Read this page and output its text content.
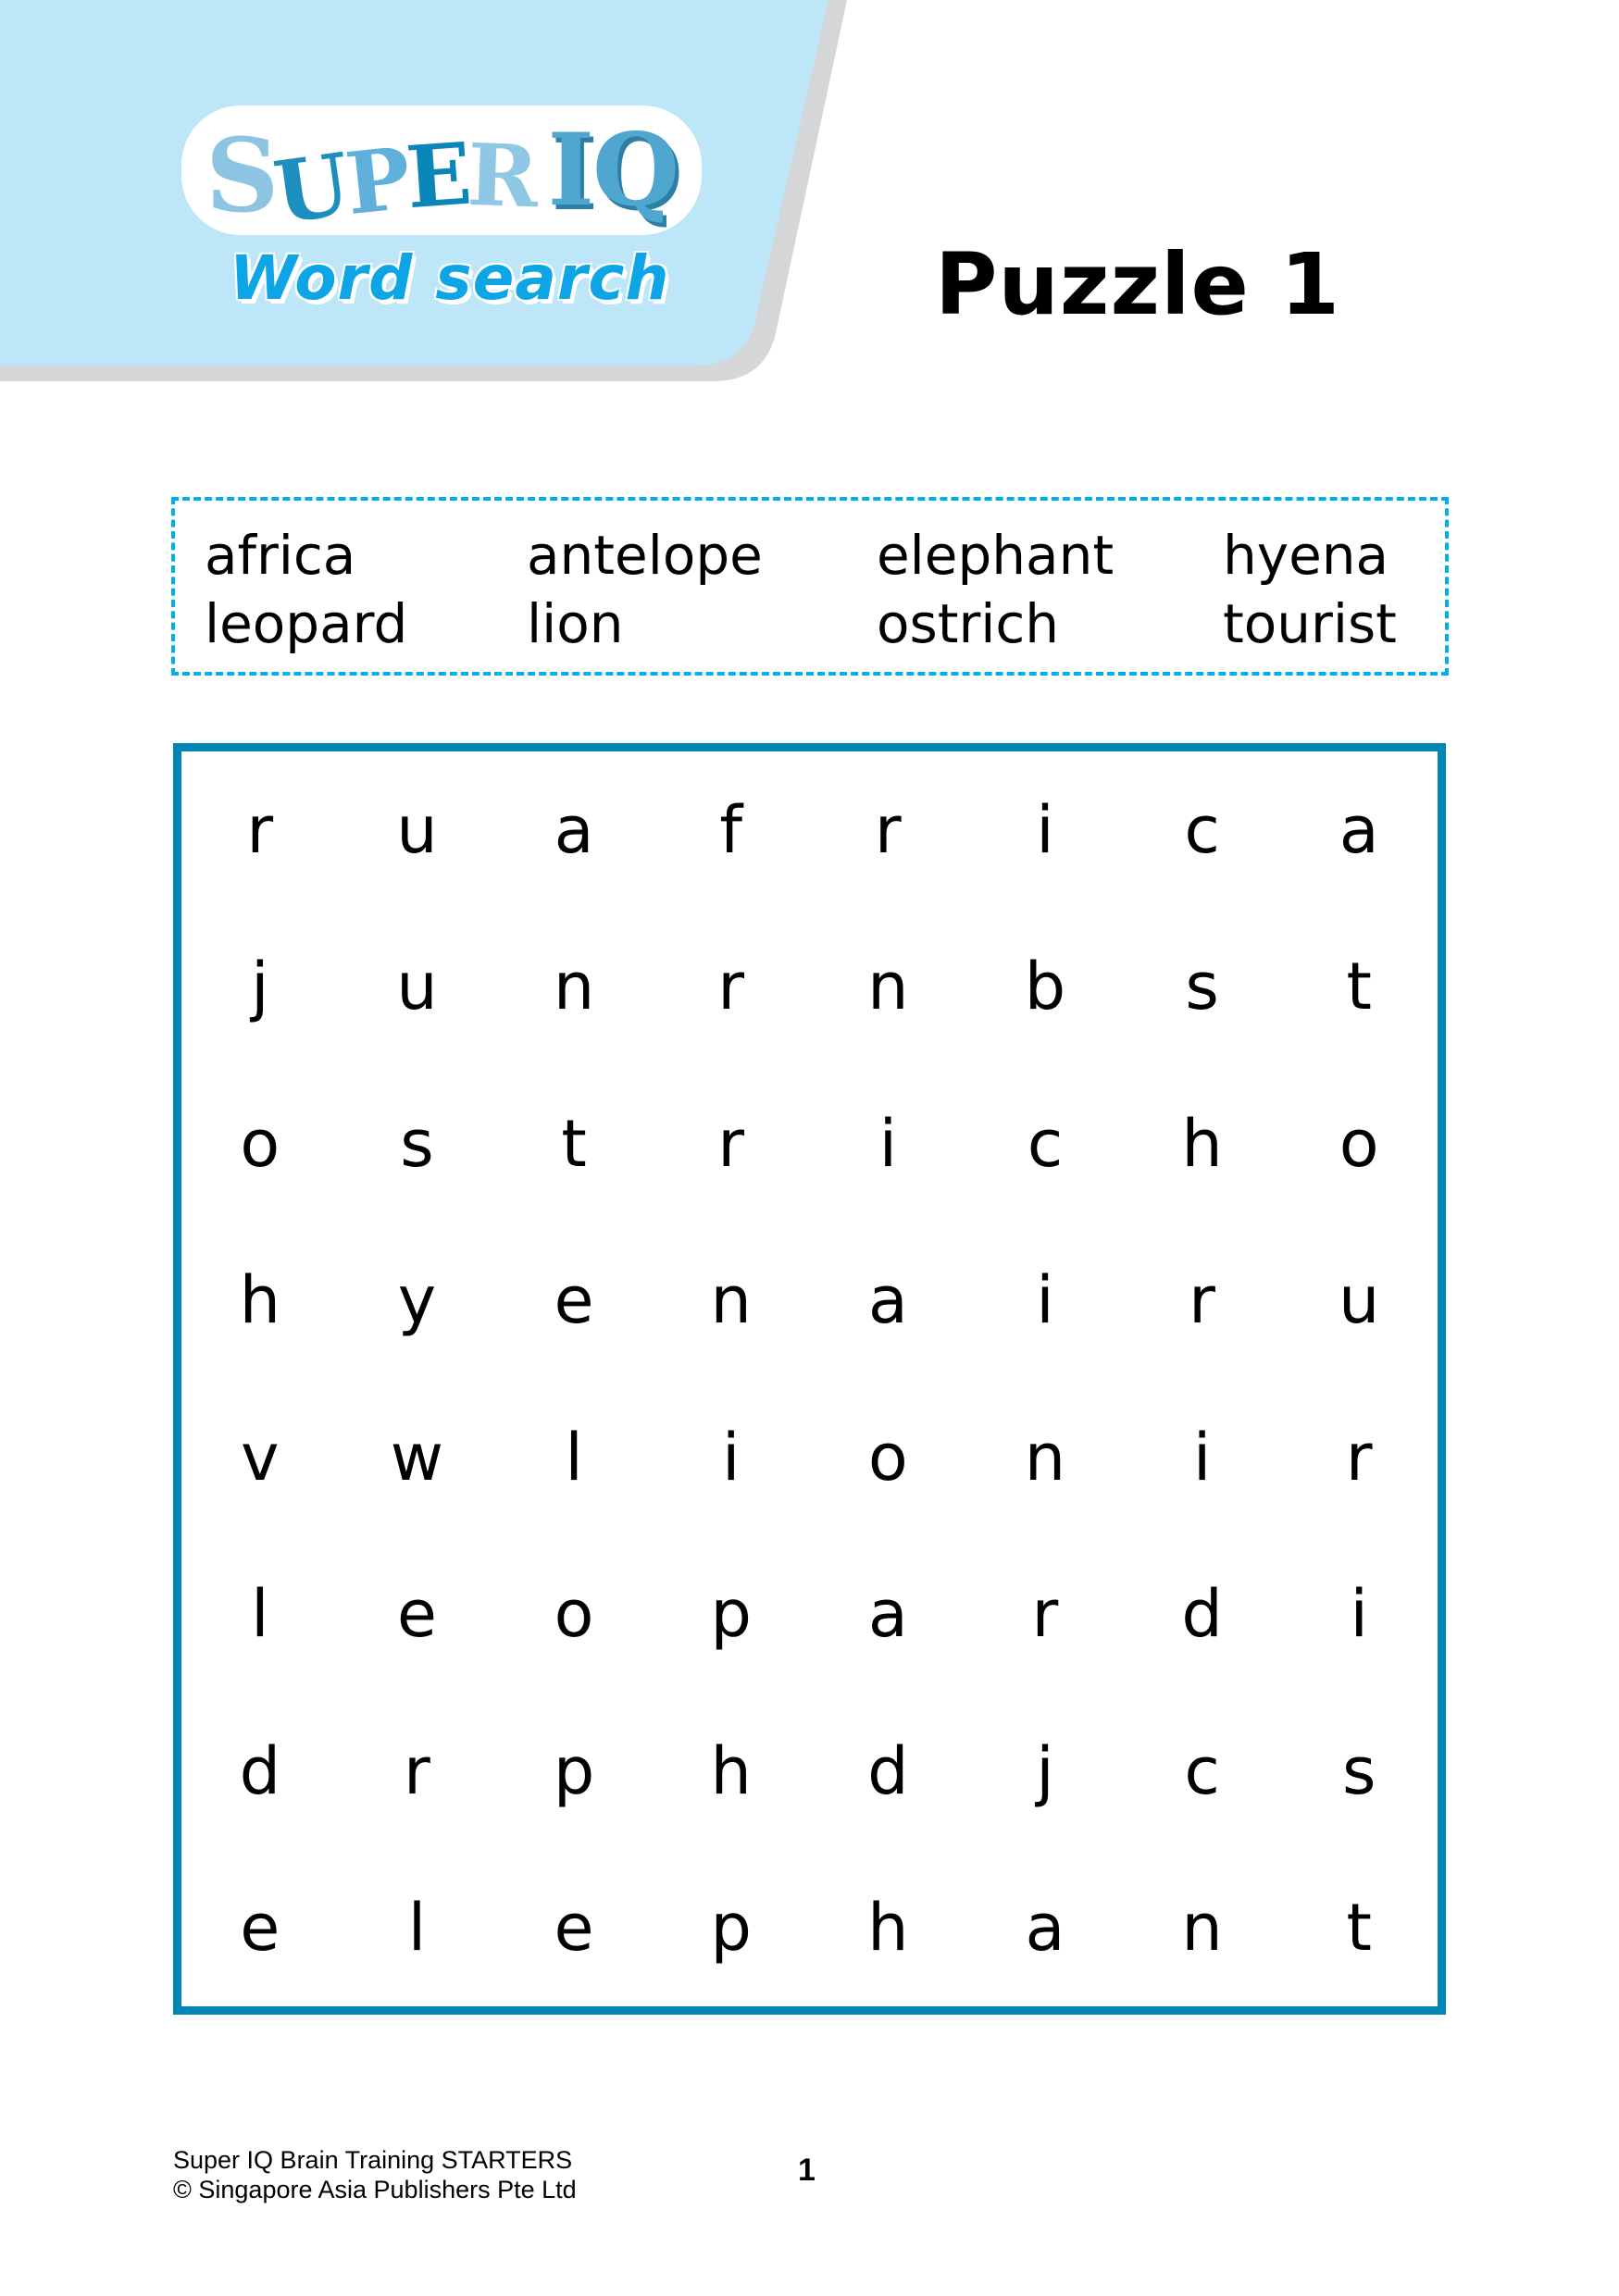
SUPER IQ
Word search	Puzzle 1
africa	antelope	elephant	hyena
leopard	lion	ostrich	tourist
r	u	a	f	r	i	c	a
j	u	n	r	n	b	s	t
o	s	t	r	i	c	h	o
h	y	e	n	a	i	r	u
v	w	l	i	o	n	i	r
l	e	o	p	a	r	d	i
d	r	p	h	d	j	c	s
e	l	e	p	h	a	n	t
Super IQ Brain Training STARTERS
© Singapore Asia Publishers Pte Ltd
1
